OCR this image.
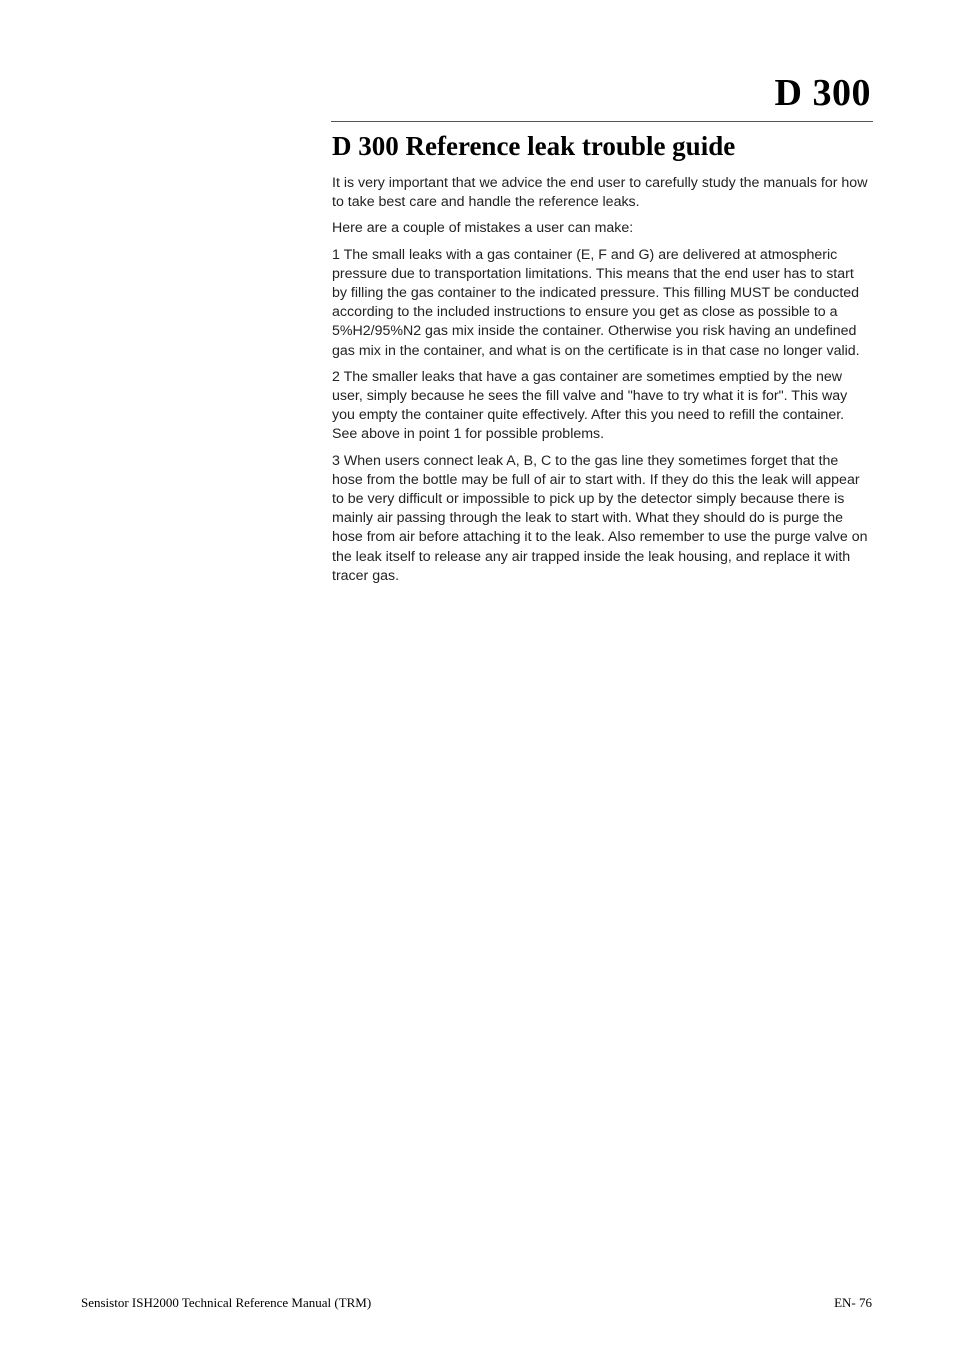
D 300
D 300 Reference leak trouble guide

It is very important that we advice the end user to carefully study the manuals for how to take best care and handle the reference leaks.

Here are a couple of mistakes a user can make:

1 The small leaks with a gas container (E, F and G) are delivered at atmospheric pressure due to transportation limitations. This means that the end user has to start by filling the gas container to the indicated pressure. This filling MUST be conducted according to the included instructions to ensure you get as close as possible to a 5%H2/95%N2 gas mix inside the container. Otherwise you risk having an undefined gas mix in the container, and what is on the certificate is in that case no longer valid.

2 The smaller leaks that have a gas container are sometimes emptied by the new user, simply because he sees the fill valve and "have to try what it is for". This way you empty the container quite effectively. After this you need to refill the container. See above in point 1 for possible problems.

3 When users connect leak A, B, C to the gas line they sometimes forget that the hose from the bottle may be full of air to start with. If they do this the leak will appear to be very difficult or impossible to pick up by the detector simply because there is mainly air passing through the leak to start with. What they should do is purge the hose from air before attaching it to the leak. Also remember to use the purge valve on the leak itself to release any air trapped inside the leak housing, and replace it with tracer gas.

Sensistor ISH2000 Technical Reference Manual (TRM)	EN- 76
